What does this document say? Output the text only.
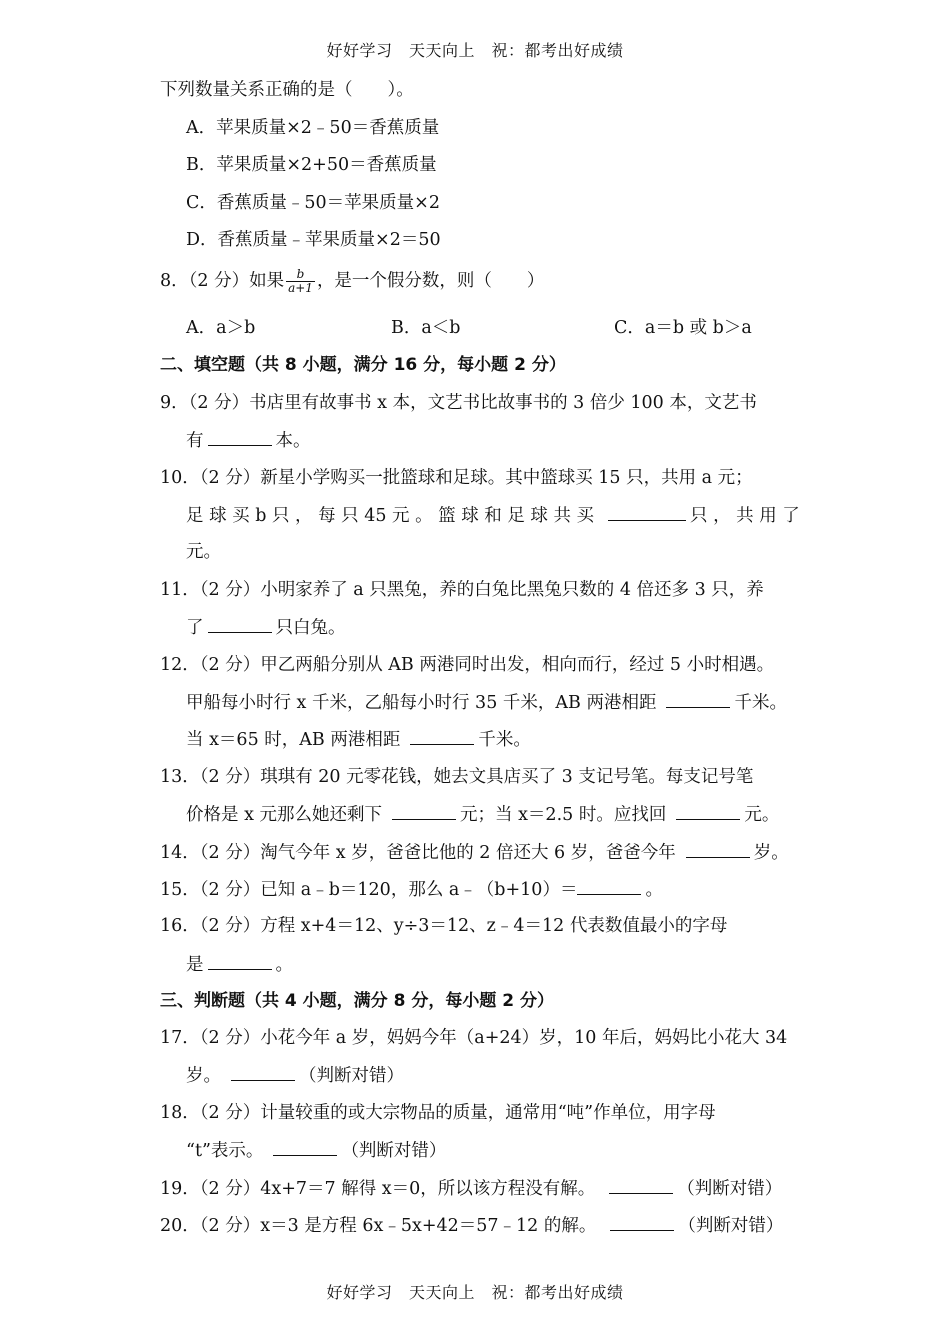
好好学习　天天向上　祝：都考出好成绩
下列数量关系正确的是（　　）。
A．苹果质量×2﹣50＝香蕉质量
B．苹果质量×2+50＝香蕉质量
C．香蕉质量﹣50＝苹果质量×2
D．香蕉质量﹣苹果质量×2＝50
8．（2 分）如果 $\frac{b}{a+1}$ ，是一个假分数，则（　　）
A．a＞b	B．a＜b	C．a＝b 或 b＞a
二、填空题（共 8 小题，满分 16 分，每小题 2 分）
9．（2 分）书店里有故事书 x 本，文艺书比故事书的 3 倍少 100 本，文艺书
有	本。
10．（2 分）新星小学购买一批篮球和足球。其中篮球买 15 只，共用 a 元；
足 球 买 b 只 ， 每 只 45 元 。 篮 球 和 足 球 共 买	只 ， 共 用 了
元。
11．（2 分）小明家养了 a 只黑兔，养的白兔比黑兔只数的 4 倍还多 3 只，养
了	只白兔。
12．（2 分）甲乙两船分别从 AB 两港同时出发，相向而行，经过 5 小时相遇。
甲船每小时行 x 千米，乙船每小时行 35 千米，AB 两港相距	千米。
当 x＝65 时，AB 两港相距	千米。
13．（2 分）琪琪有 20 元零花钱，她去文具店买了 3 支记号笔。每支记号笔
价格是 x 元那么她还剩下	元；当 x＝2.5 时。应找回	元。
14．（2 分）淘气今年 x 岁，爸爸比他的 2 倍还大 6 岁，爸爸今年	岁。
15．（2 分）已知 a﹣b＝120，那么 a﹣（b+10）＝	。
16．（2 分）方程 x+4＝12、y÷3＝12、z﹣4＝12 代表数值最小的字母
是	。
三、判断题（共 4 小题，满分 8 分，每小题 2 分）
17．（2 分）小花今年 a 岁，妈妈今年（a+24）岁，10 年后，妈妈比小花大 34
岁。	（判断对错）
18．（2 分）计量较重的或大宗物品的质量，通常用“吨”作单位，用字母
“t”表示。	（判断对错）
19．（2 分）4x+7＝7 解得 x＝0，所以该方程没有解。	（判断对错）
20．（2 分）x＝3 是方程 6x﹣5x+42＝57﹣12 的解。	（判断对错）
好好学习　天天向上　祝：都考出好成绩
